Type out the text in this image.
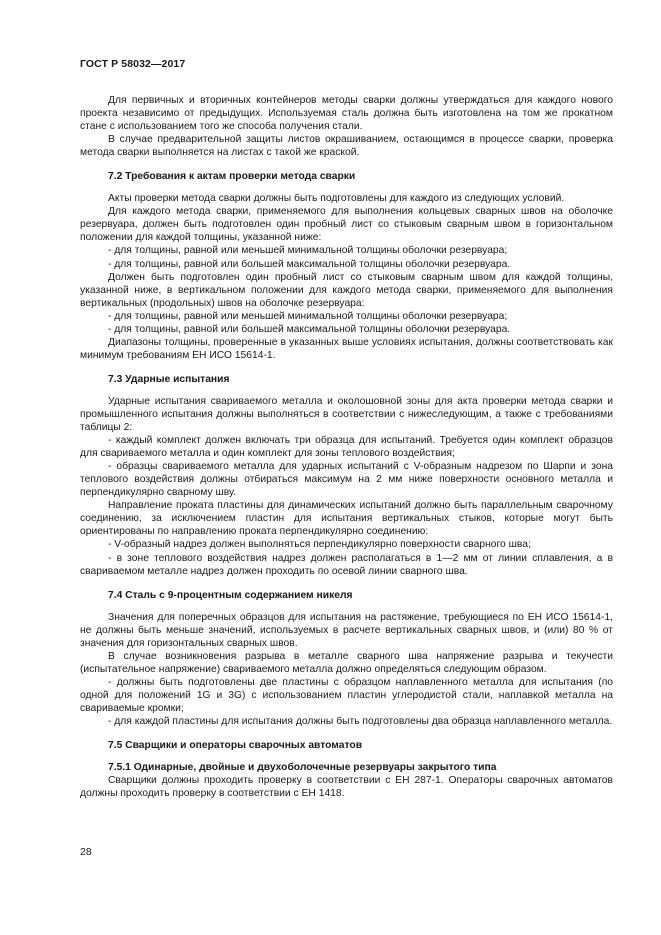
ГОСТ Р 58032—2017

Для первичных и вторичных контейнеров методы сварки должны утверждаться для каждого нового проекта независимо от предыдущих. Используемая сталь должна быть изготовлена на том же прокатном стане с использованием того же способа получения стали.

В случае предварительной защиты листов окрашиванием, остающимся в процессе сварки, проверка метода сварки выполняется на листах с такой же краской.

7.2 Требования к актам проверки метода сварки

Акты проверки метода сварки должны быть подготовлены для каждого из следующих условий.

Для каждого метода сварки, применяемого для выполнения кольцевых сварных швов на оболочке резервуара, должен быть подготовлен один пробный лист со стыковым сварным швом в горизонтальном положении для каждой толщины, указанной ниже:

- для толщины, равной или меньшей минимальной толщины оболочки резервуара;

- для толщины, равной или большей максимальной толщины оболочки резервуара.

Должен быть подготовлен один пробный лист со стыковым сварным швом для каждой толщины, указанной ниже, в вертикальном положении для каждого метода сварки, применяемого для выполнения вертикальных (продольных) швов на оболочке резервуара:

- для толщины, равной или меньшей минимальной толщины оболочки резервуара;

- для толщины, равной или большей максимальной толщины оболочки резервуара.

Диапазоны толщины, проверенные в указанных выше условиях испытания, должны соответствовать как минимум требованиям ЕН ИСО 15614-1.

7.3 Ударные испытания

Ударные испытания свариваемого металла и околошовной зоны для акта проверки метода сварки и промышленного испытания должны выполняться в соответствии с нижеследующим, а также с требованиями таблицы 2:

- каждый комплект должен включать три образца для испытаний. Требуется один комплект образцов для свариваемого металла и один комплект для зоны теплового воздействия;

- образцы свариваемого металла для ударных испытаний с V-образным надрезом по Шарпи и зона теплового воздействия должны отбираться максимум на 2 мм ниже поверхности основного металла и перпендикулярно сварному шву.

Направление проката пластины для динамических испытаний должно быть параллельным сварочному соединению, за исключением пластин для испытания вертикальных стыков, которые могут быть ориентированы по направлению проката перпендикулярно соединению:

- V-образный надрез должен выполняться перпендикулярно поверхности сварного шва;

- в зоне теплового воздействия надрез должен располагаться в 1—2 мм от линии сплавления, а в свариваемом металле надрез должен проходить по осевой линии сварного шва.

7.4 Сталь с 9-процентным содержанием никеля

Значения для поперечных образцов для испытания на растяжение, требующиеся по ЕН ИСО 15614-1, не должны быть меньше значений, используемых в расчете вертикальных сварных швов, и (или) 80 % от значения для горизонтальных сварных швов.

В случае возникновения разрыва в металле сварного шва напряжение разрыва и текучести (испытательное напряжение) свариваемого металла должно определяться следующим образом.

- должны быть подготовлены две пластины с образцом наплавленного металла для испытания (по одной для положений 1G и 3G) с использованием пластин углеродистой стали, наплавкой металла на свариваемые кромки;

- для каждой пластины для испытания должны быть подготовлены два образца наплавленного металла.

7.5 Сварщики и операторы сварочных автоматов

7.5.1 Одинарные, двойные и двухоболочечные резервуары закрытого типа

Сварщики должны проходить проверку в соответствии с ЕН 287-1. Операторы сварочных автоматов должны проходить проверку в соответствии с ЕН 1418.

28
